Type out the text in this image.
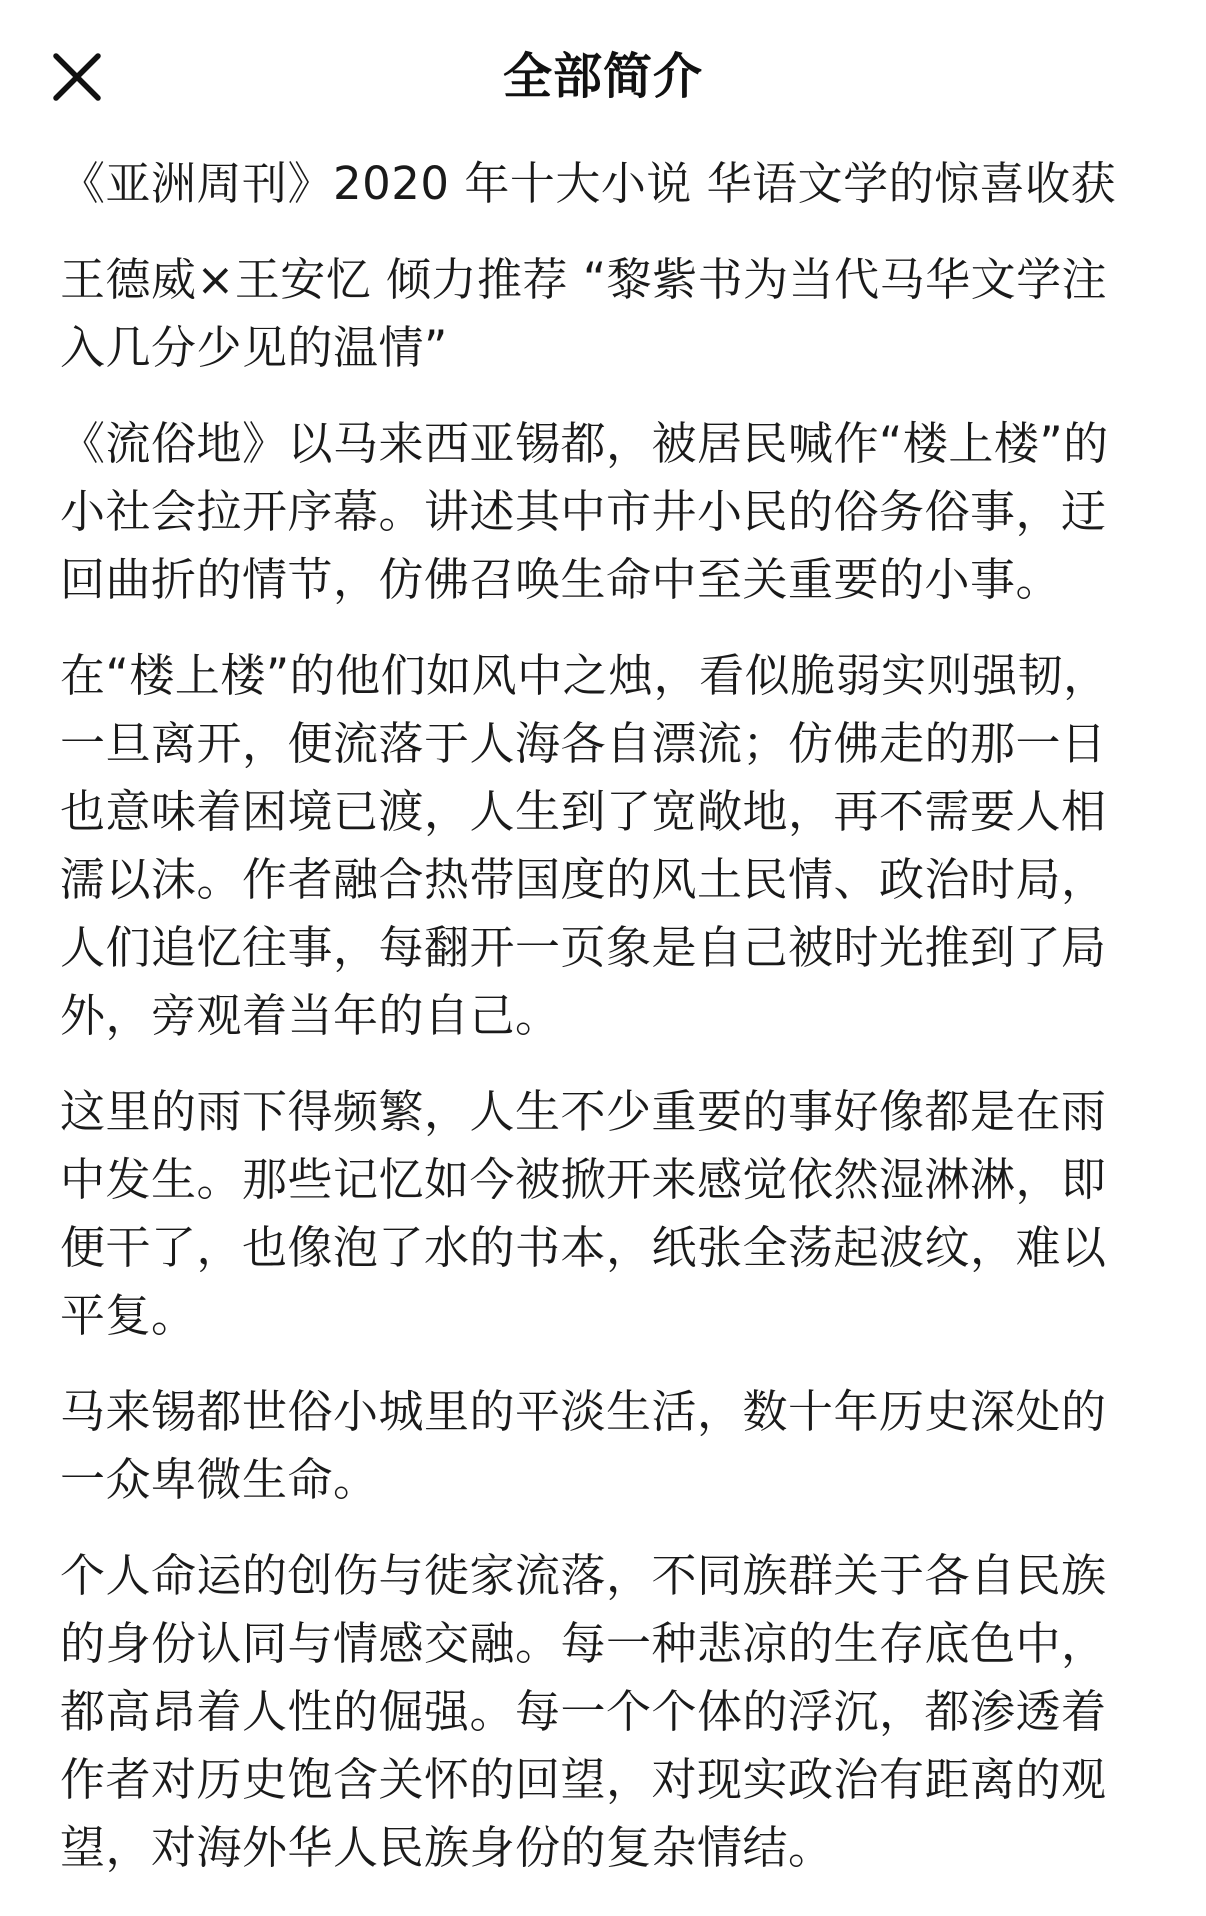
全部简介

《亚洲周刊》2020 年十大小说 华语文学的惊喜收获

王德威×王安忆 倾力推荐 “黎紫书为当代马华文学注入几分少见的温情”

《流俗地》以马来西亚锡都，被居民喊作“楼上楼”的小社会拉开序幕。讲述其中市井小民的俗务俗事，迂回曲折的情节，仿佛召唤生命中至关重要的小事。

在“楼上楼”的他们如风中之烛，看似脆弱实则强韧，一旦离开，便流落于人海各自漂流；仿佛走的那一日也意味着困境已渡，人生到了宽敞地，再不需要人相濡以沫。作者融合热带国度的风土民情、政治时局，人们追忆往事，每翻开一页象是自己被时光推到了局外，旁观着当年的自己。

这里的雨下得频繁，人生不少重要的事好像都是在雨中发生。那些记忆如今被掀开来感觉依然湿淋淋，即便干了，也像泡了水的书本，纸张全荡起波纹，难以平复。

马来锡都世俗小城里的平淡生活，数十年历史深处的一众卑微生命。

个人命运的创伤与徙家流落，不同族群关于各自民族的身份认同与情感交融。每一种悲凉的生存底色中，都高昂着人性的倔强。每一个个体的浮沉，都渗透着作者对历史饱含关怀的回望，对现实政治有距离的观望，对海外华人民族身份的复杂情结。
